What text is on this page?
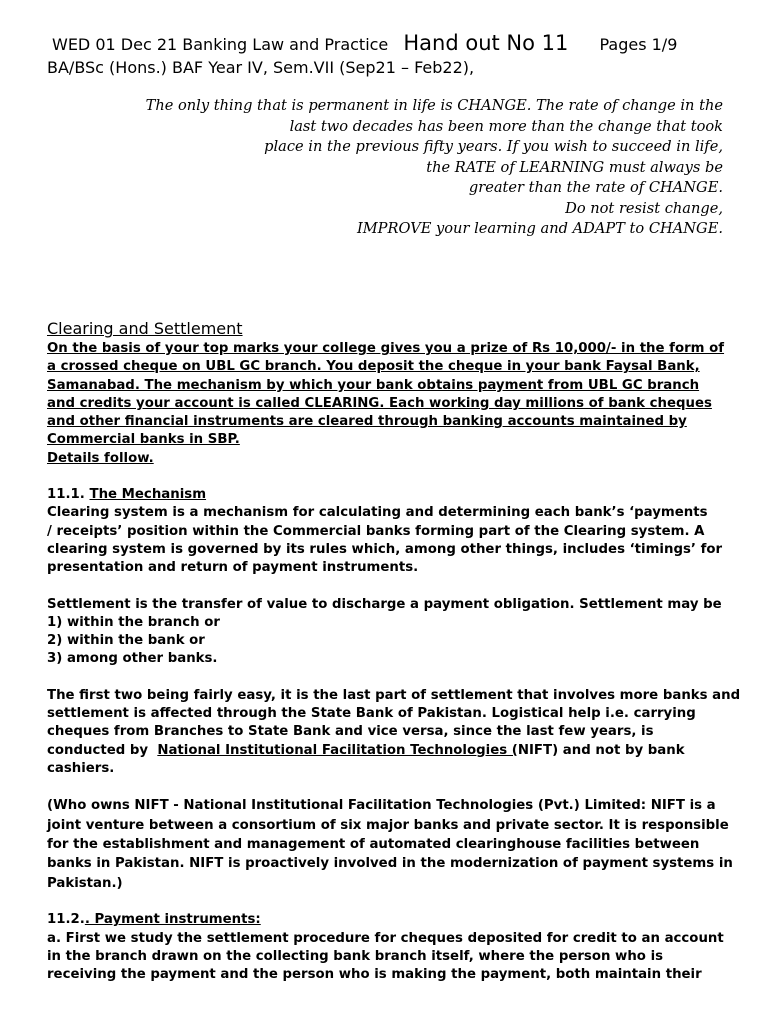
WED 01 Dec 21 Banking Law and Practice Hand out No 11 Pages 1/9
BA/BSc (Hons.) BAF Year IV, Sem.VII (Sep21 – Feb22),
The only thing that is permanent in life is CHANGE. The rate of change in the
last two decades has been more than the change that took
place in the previous fifty years. If you wish to succeed in life,
the RATE of LEARNING must always be
greater than the rate of CHANGE.
Do not resist change,
IMPROVE your learning and ADAPT to CHANGE.
Clearing and Settlement

On the basis of your top marks your college gives you a prize of Rs 10,000/- in the form of
a crossed cheque on UBL GC branch. You deposit the cheque in your bank Faysal Bank,
Samanabad. The mechanism by which your bank obtains payment from UBL GC branch
and credits your account is called CLEARING. Each working day millions of bank cheques
and other financial instruments are cleared through banking accounts maintained by
Commercial banks in SBP.
Details follow.

11.1. The Mechanism

Clearing system is a mechanism for calculating and determining each bank’s ‘payments
/ receipts’ position within the Commercial banks forming part of the Clearing system. A
clearing system is governed by its rules which, among other things, includes ‘timings’ for
presentation and return of payment instruments.

Settlement is the transfer of value to discharge a payment obligation. Settlement may be
1) within the branch or
2) within the bank or
3) among other banks.

The first two being fairly easy, it is the last part of settlement that involves more banks and
settlement is affected through the State Bank of Pakistan. Logistical help i.e. carrying
cheques from Branches to State Bank and vice versa, since the last few years, is
conducted by National Institutional Facilitation Technologies (NIFT) and not by bank
cashiers.

(Who owns NIFT - National Institutional Facilitation Technologies (Pvt.) Limited: NIFT is a
joint venture between a consortium of six major banks and private sector. It is responsible
for the establishment and management of automated clearinghouse facilities between
banks in Pakistan. NIFT is proactively involved in the modernization of payment systems in
Pakistan.)

11.2.. Payment instruments:

a. First we study the settlement procedure for cheques deposited for credit to an account
in the branch drawn on the collecting bank branch itself, where the person who is
receiving the payment and the person who is making the payment, both maintain their
